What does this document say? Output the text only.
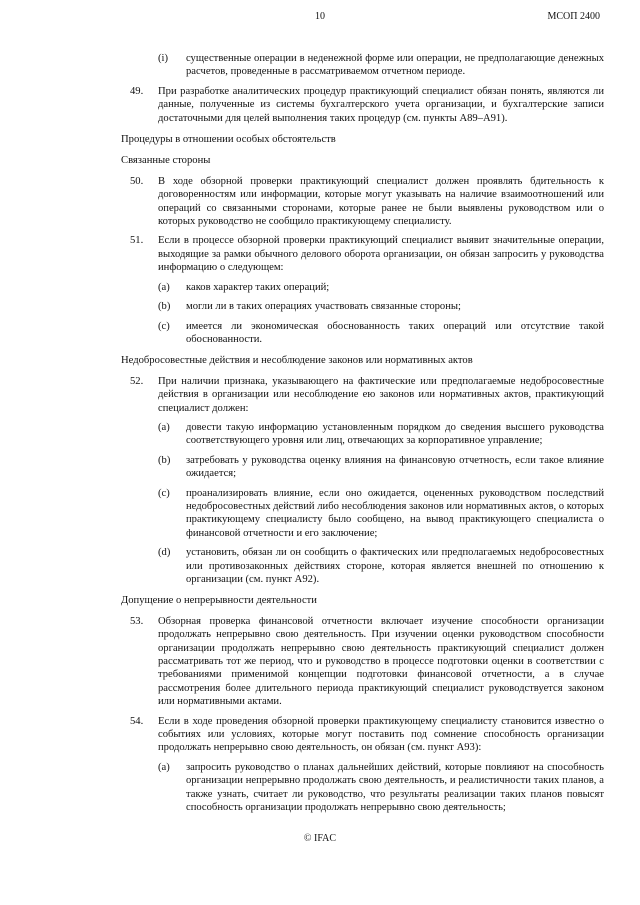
10	МСОП 2400
(i) существенные операции в неденежной форме или операции, не предполагающие денежных расчетов, проведенные в рассматриваемом отчетном периоде.
49. При разработке аналитических процедур практикующий специалист обязан понять, являются ли данные, полученные из системы бухгалтерского учета организации, и бухгалтерские записи достаточными для целей выполнения таких процедур (см. пункты А89–А91).
Процедуры в отношении особых обстоятельств
Связанные стороны
50. В ходе обзорной проверки практикующий специалист должен проявлять бдительность к договоренностям или информации, которые могут указывать на наличие взаимоотношений или операций со связанными сторонами, которые ранее не были выявлены руководством или о которых руководство не сообщило практикующему специалисту.
51. Если в процессе обзорной проверки практикующий специалист выявит значительные операции, выходящие за рамки обычного делового оборота организации, он обязан запросить у руководства информацию о следующем:
(a) каков характер таких операций;
(b) могли ли в таких операциях участвовать связанные стороны;
(c) имеется ли экономическая обоснованность таких операций или отсутствие такой обоснованности.
Недобросовестные действия и несоблюдение законов или нормативных актов
52. При наличии признака, указывающего на фактические или предполагаемые недобросовестные действия в организации или несоблюдение ею законов или нормативных актов, практикующий специалист должен:
(a) довести такую информацию установленным порядком до сведения высшего руководства соответствующего уровня или лиц, отвечающих за корпоративное управление;
(b) затребовать у руководства оценку влияния на финансовую отчетность, если такое влияние ожидается;
(c) проанализировать влияние, если оно ожидается, оцененных руководством последствий недобросовестных действий либо несоблюдения законов или нормативных актов, о которых практикующему специалисту было сообщено, на вывод практикующего специалиста о финансовой отчетности и его заключение;
(d) установить, обязан ли он сообщить о фактических или предполагаемых недобросовестных или противозаконных действиях стороне, которая является внешней по отношению к организации (см. пункт А92).
Допущение о непрерывности деятельности
53. Обзорная проверка финансовой отчетности включает изучение способности организации продолжать непрерывно свою деятельность. При изучении оценки руководством способности организации продолжать непрерывно свою деятельность практикующий специалист должен рассматривать тот же период, что и руководство в процессе подготовки оценки в соответствии с требованиями применимой концепции подготовки финансовой отчетности, а в случае рассмотрения более длительного периода практикующий специалист руководствуется законом или нормативными актами.
54. Если в ходе проведения обзорной проверки практикующему специалисту становится известно о событиях или условиях, которые могут поставить под сомнение способность организации продолжать непрерывно свою деятельность, он обязан (см. пункт А93):
(a) запросить руководство о планах дальнейших действий, которые повлияют на способность организации непрерывно продолжать свою деятельность, и реалистичности таких планов, а также узнать, считает ли руководство, что результаты реализации таких планов повысят способность организации продолжать непрерывно свою деятельность;
© IFAC
